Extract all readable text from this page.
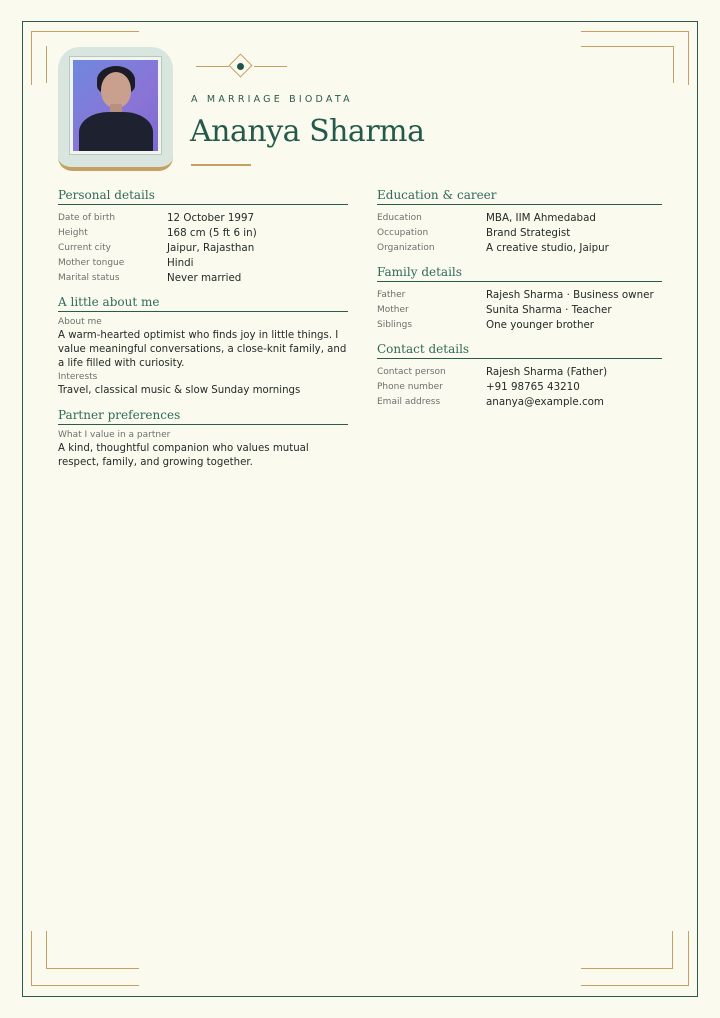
A MARRIAGE BIODATA
Ananya Sharma
Personal details
Date of birth	12 October 1997
Height	168 cm (5 ft 6 in)
Current city	Jaipur, Rajasthan
Mother tongue	Hindi
Marital status	Never married
A little about me
About me
A warm-hearted optimist who finds joy in little things. I value meaningful conversations, a close-knit family, and a life filled with curiosity.
Interests
Travel, classical music & slow Sunday mornings
Partner preferences
What I value in a partner
A kind, thoughtful companion who values mutual respect, family, and growing together.
Education & career
Education	MBA, IIM Ahmedabad
Occupation	Brand Strategist
Organization	A creative studio, Jaipur
Family details
Father	Rajesh Sharma · Business owner
Mother	Sunita Sharma · Teacher
Siblings	One younger brother
Contact details
Contact person	Rajesh Sharma (Father)
Phone number	+91 98765 43210
Email address	ananya@example.com
